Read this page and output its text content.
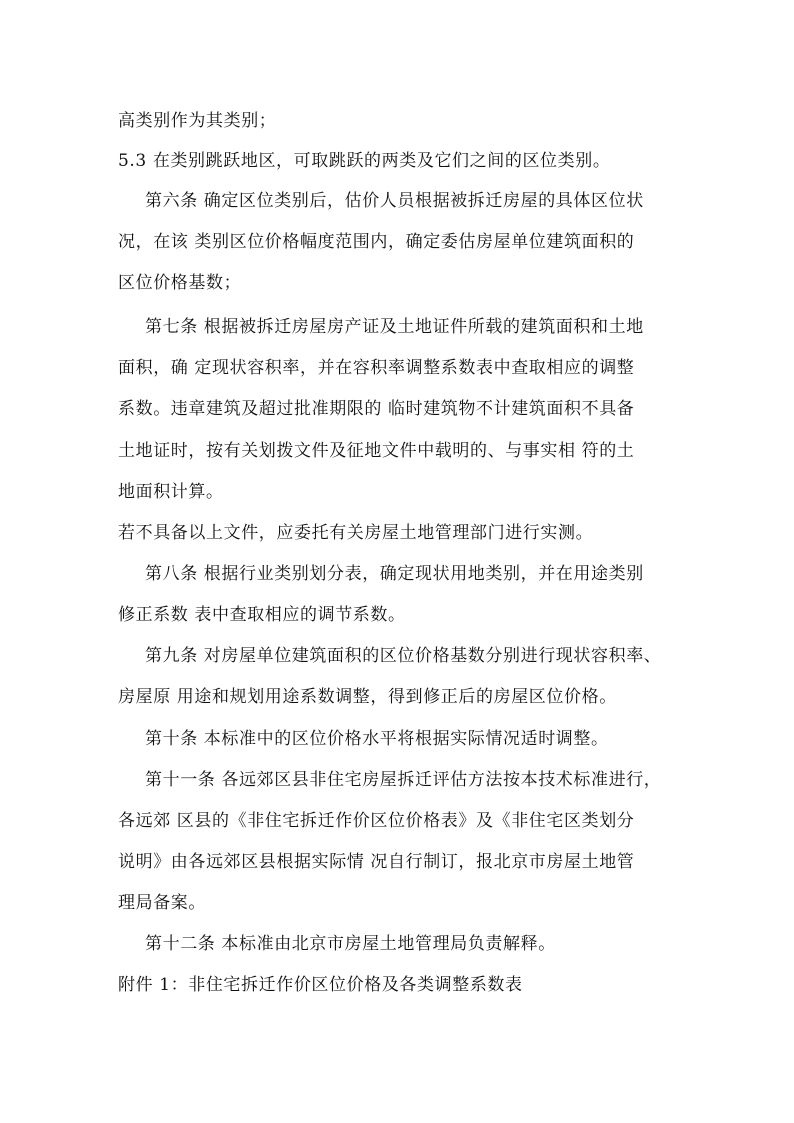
高类别作为其类别；
5.3 在类别跳跃地区，可取跳跃的两类及它们之间的区位类别。
第六条 确定区位类别后，估价人员根据被拆迁房屋的具体区位状
况，在该 类别区位价格幅度范围内，确定委估房屋单位建筑面积的
区位价格基数；
第七条 根据被拆迁房屋房产证及土地证件所载的建筑面积和土地
面积，确 定现状容积率，并在容积率调整系数表中查取相应的调整
系数。违章建筑及超过批准期限的 临时建筑物不计建筑面积不具备
土地证时，按有关划拨文件及征地文件中载明的、与事实相 符的土
地面积计算。
若不具备以上文件，应委托有关房屋土地管理部门进行实测。
第八条 根据行业类别划分表，确定现状用地类别，并在用途类别
修正系数 表中查取相应的调节系数。
第九条 对房屋单位建筑面积的区位价格基数分别进行现状容积率、
房屋原 用途和规划用途系数调整，得到修正后的房屋区位价格。
第十条 本标准中的区位价格水平将根据实际情况适时调整。
第十一条 各远郊区县非住宅房屋拆迁评估方法按本技术标准进行，
各远郊 区县的《非住宅拆迁作价区位价格表》及《非住宅区类划分
说明》由各远郊区县根据实际情 况自行制订，报北京市房屋土地管
理局备案。
第十二条 本标准由北京市房屋土地管理局负责解释。
附件 1：非住宅拆迁作价区位价格及各类调整系数表
